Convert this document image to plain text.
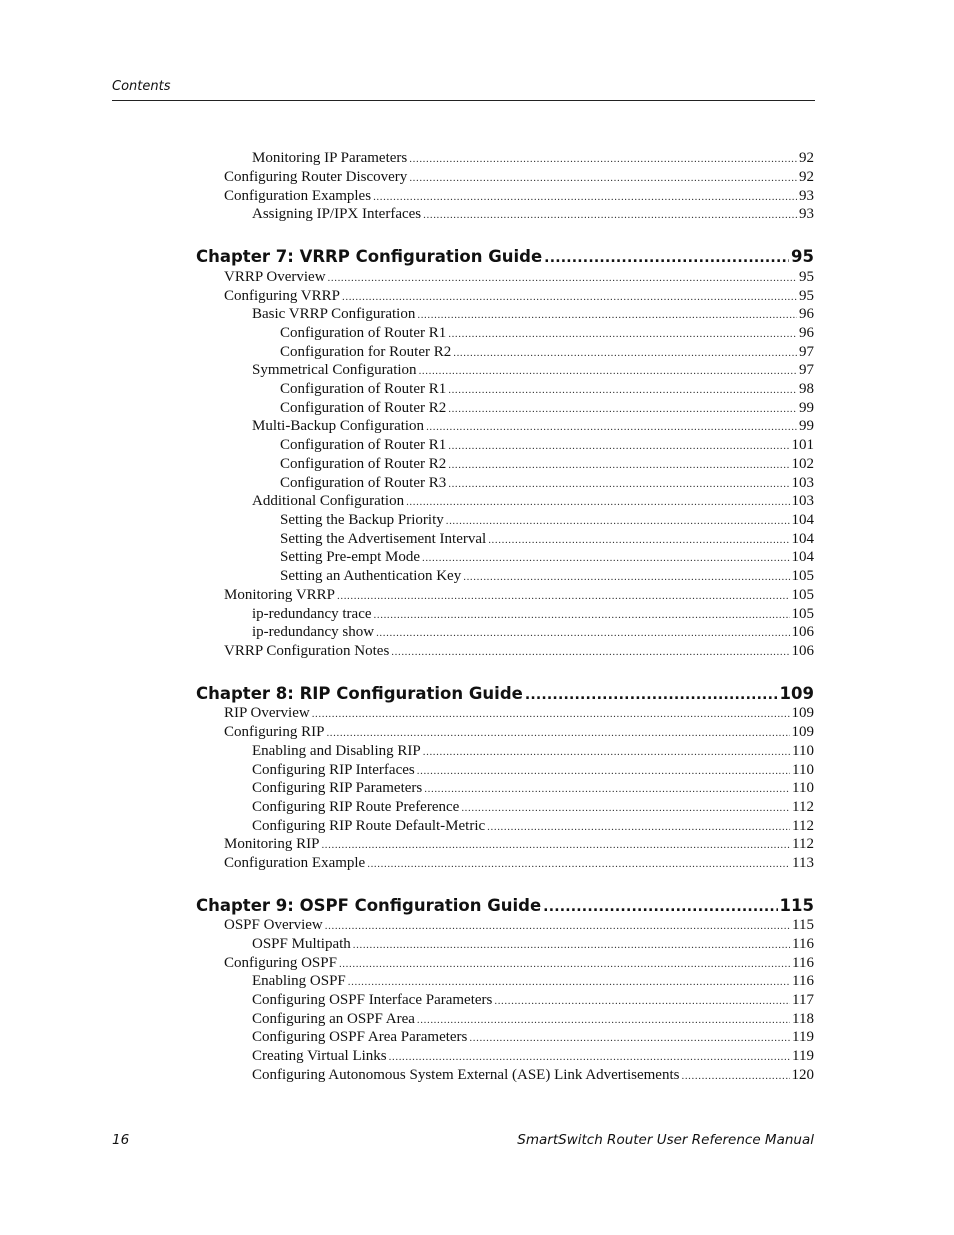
Contents
Monitoring IP Parameters .....	92
Configuring Router Discovery .....	92
Configuration Examples .....	93
Assigning IP/IPX Interfaces .....	93
Chapter 7: VRRP Configuration Guide .....	95
VRRP Overview .....	95
Configuring VRRP .....	95
Basic VRRP Configuration .....	96
Configuration of Router R1 .....	96
Configuration for Router R2 .....	97
Symmetrical Configuration .....	97
Configuration of Router R1 .....	98
Configuration of Router R2 .....	99
Multi-Backup Configuration .....	99
Configuration of Router R1 .....	101
Configuration of Router R2 .....	102
Configuration of Router R3 .....	103
Additional Configuration .....	103
Setting the Backup Priority .....	104
Setting the Advertisement Interval .....	104
Setting Pre-empt Mode .....	104
Setting an Authentication Key .....	105
Monitoring VRRP .....	105
ip-redundancy trace .....	105
ip-redundancy show .....	106
VRRP Configuration Notes .....	106
Chapter 8: RIP Configuration Guide .....	109
RIP Overview .....	109
Configuring RIP .....	109
Enabling and Disabling RIP .....	110
Configuring RIP Interfaces .....	110
Configuring RIP Parameters .....	110
Configuring RIP Route Preference .....	112
Configuring RIP Route Default-Metric .....	112
Monitoring RIP .....	112
Configuration Example .....	113
Chapter 9: OSPF Configuration Guide .....	115
OSPF Overview .....	115
OSPF Multipath .....	116
Configuring OSPF .....	116
Enabling OSPF .....	116
Configuring OSPF Interface Parameters .....	117
Configuring an OSPF Area .....	118
Configuring OSPF Area Parameters .....	119
Creating Virtual Links .....	119
Configuring Autonomous System External (ASE) Link Advertisements .....	120
16	SmartSwitch Router User Reference Manual
